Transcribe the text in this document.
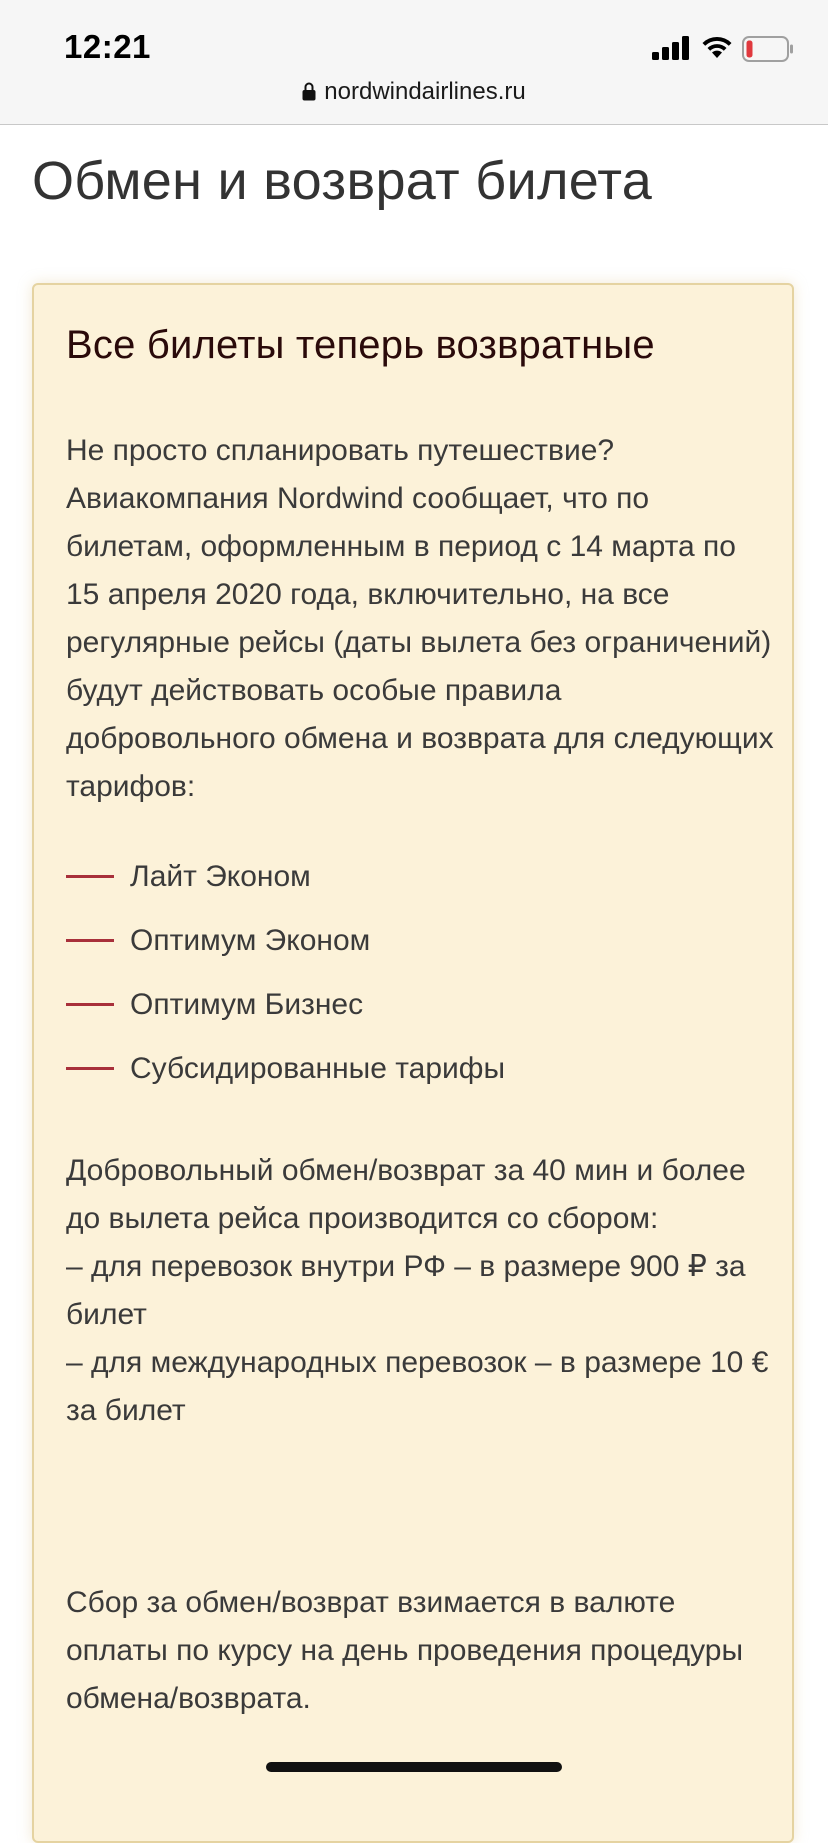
12:21
nordwindairlines.ru
Обмен и возврат билета
Все билеты теперь возвратные

Не просто спланировать путешествие? Авиакомпания Nordwind сообщает, что по билетам, оформленным в период с 14 марта по 15 апреля 2020 года, включительно, на все регулярные рейсы (даты вылета без ограничений) будут действовать особые правила добровольного обмена и возврата для следующих тарифов:

Лайт Эконом
Оптимум Эконом
Оптимум Бизнес
Субсидированные тарифы
Добровольный обмен/возврат за 40 мин и более до вылета рейса производится со сбором:
– для перевозок внутри РФ – в размере 900 ₽ за билет
– для международных перевозок – в размере 10 € за билет

Сбор за обмен/возврат взимается в валюте оплаты по курсу на день проведения процедуры обмена/возврата.
